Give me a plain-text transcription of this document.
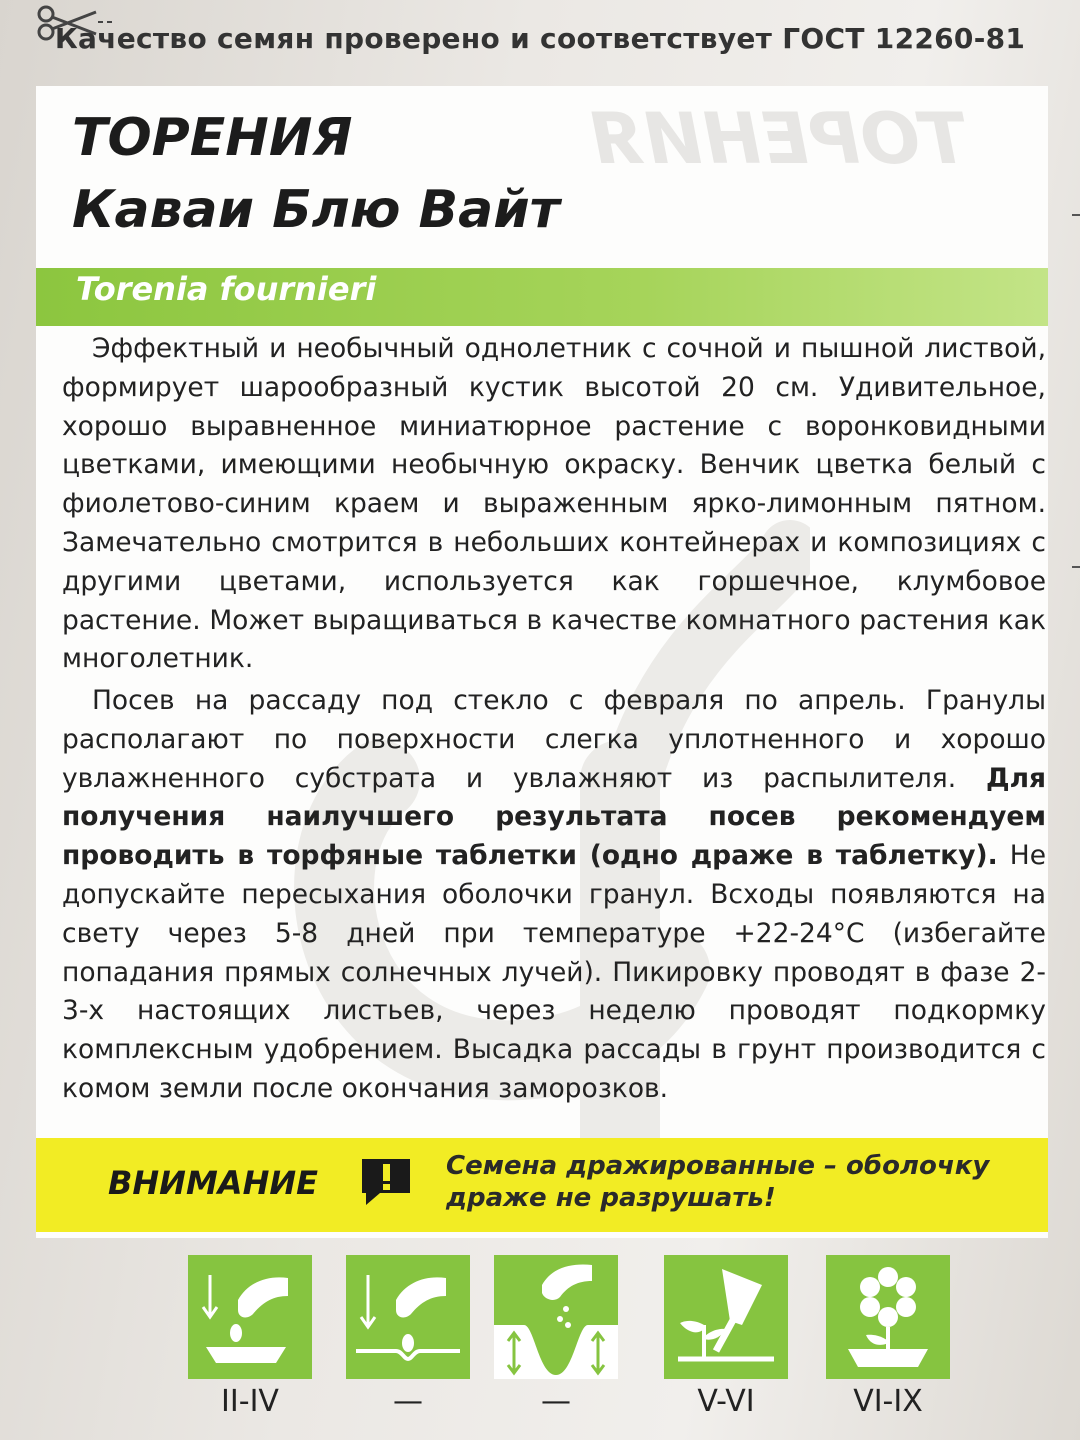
Качество семян проверено и соответствует ГОСТ 12260-81
ТОРЕНИЯ
ТОРЕНИЯ
Каваи Блю Вайт
Torenia fournieri
Эффектный и необычный однолетник с сочной и пышной листвой, формирует шарообразный кустик высотой 20 см. Удивительное, хорошо выравненное миниатюрное растение с воронковидными цветками, имеющими необычную окраску. Венчик цветка белый с фиолетово-синим краем и выраженным ярко-лимонным пятном. Замечательно смотрится в небольших контейнерах и композициях с другими цветами, используется как горшечное, клумбовое растение. Может выращиваться в качестве комнатного растения как многолетник.
Посев на рассаду под стекло с февраля по апрель. Гранулы располагают по поверхности слегка уплотненного и хорошо увлажненного субстрата и увлажняют из распылителя. Для получения наилучшего результата посев рекомендуем проводить в торфяные таблетки (одно драже в таблетку). Не допускайте пересыхания оболочки гранул. Всходы появляются на свету через 5-8 дней при температуре +22-24°C (избегайте попадания прямых солнечных лучей). Пикировку проводят в фазе 2-3-х настоящих листьев, через неделю проводят подкормку комплексным удобрением. Высадка рассады в грунт производится с комом земли после окончания заморозков.
ВНИМАНИЕ	Семена дражированные – оболочку
драже не разрушать!
II-IV	—	—	V-VI	VI-IX
